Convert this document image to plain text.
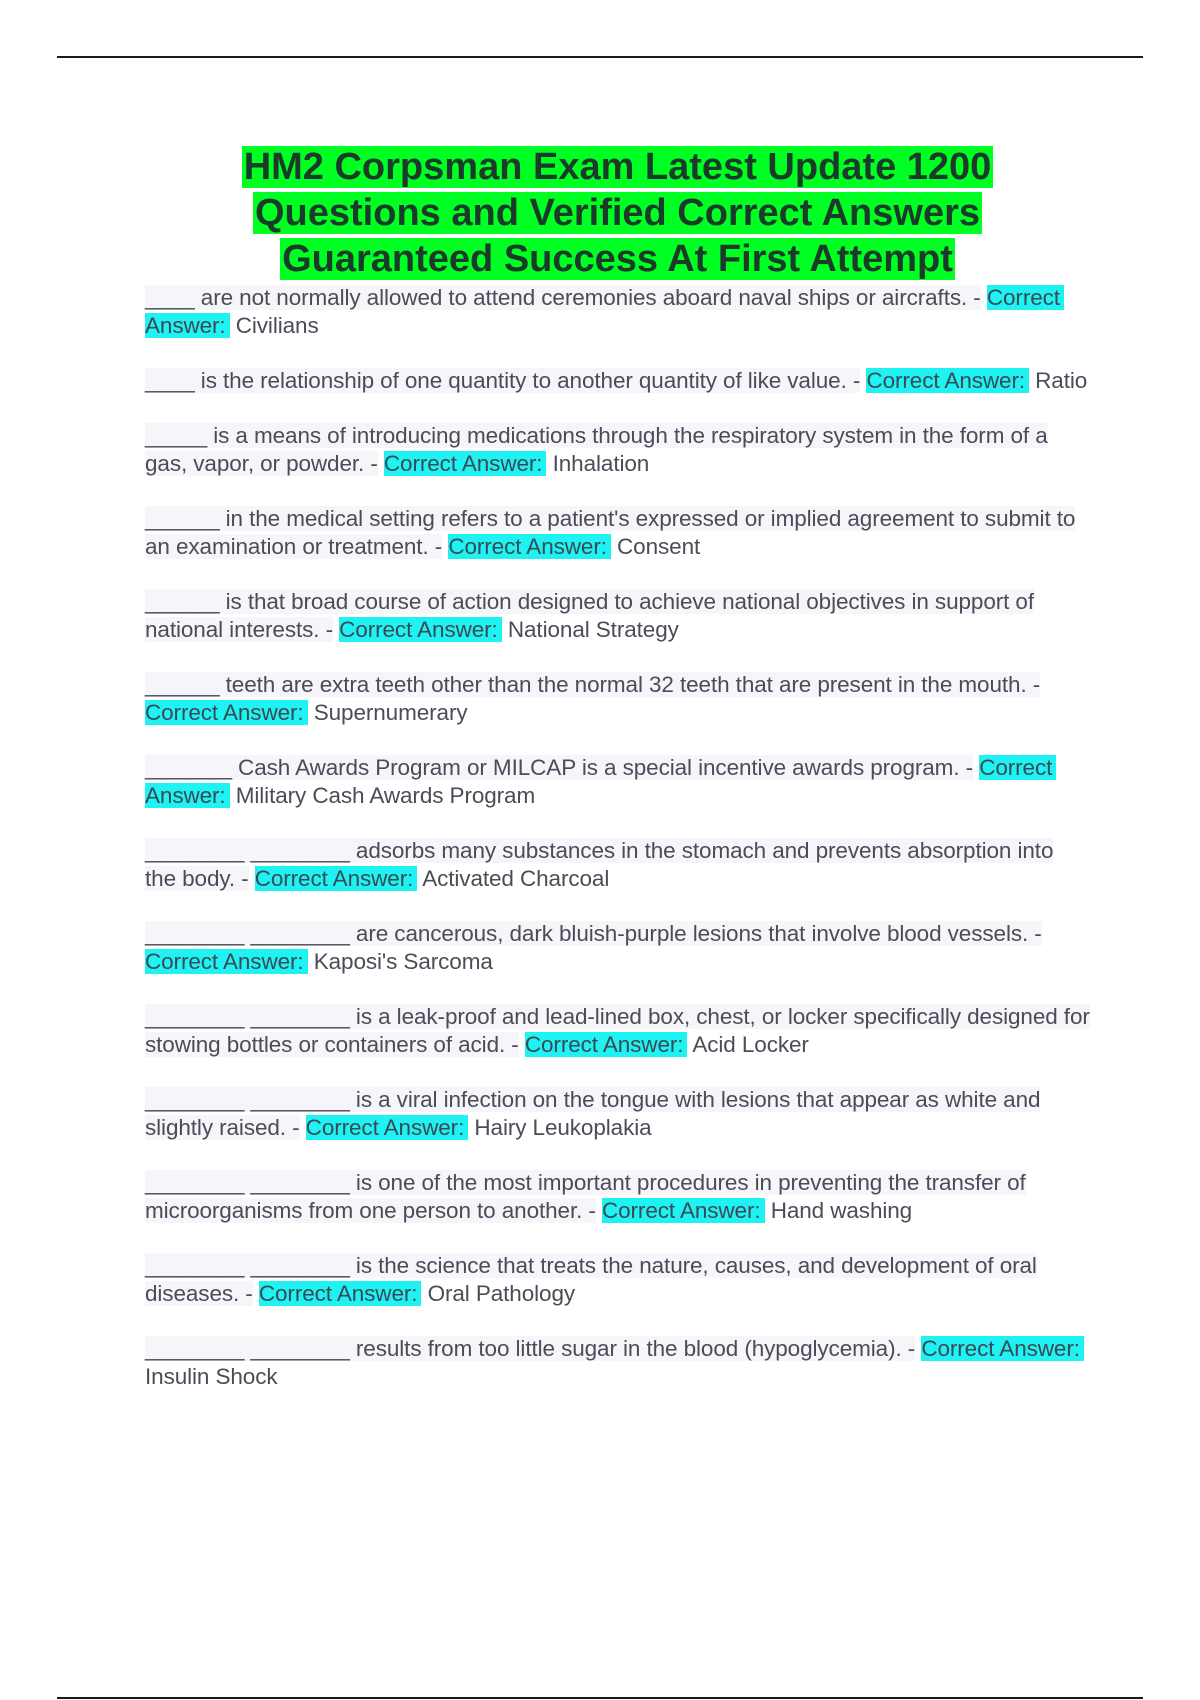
HM2 Corpsman Exam Latest Update 1200 Questions and Verified Correct Answers Guaranteed Success At First Attempt
____ are not normally allowed to attend ceremonies aboard naval ships or aircrafts. - Correct Answer: Civilians
____ is the relationship of one quantity to another quantity of like value. - Correct Answer: Ratio
_____ is a means of introducing medications through the respiratory system in the form of a gas, vapor, or powder. - Correct Answer: Inhalation
______ in the medical setting refers to a patient's expressed or implied agreement to submit to an examination or treatment. - Correct Answer: Consent
______ is that broad course of action designed to achieve national objectives in support of national interests. - Correct Answer: National Strategy
______ teeth are extra teeth other than the normal 32 teeth that are present in the mouth. - Correct Answer: Supernumerary
_______ Cash Awards Program or MILCAP is a special incentive awards program. - Correct Answer: Military Cash Awards Program
________ ________ adsorbs many substances in the stomach and prevents absorption into the body. - Correct Answer: Activated Charcoal
________ ________ are cancerous, dark bluish-purple lesions that involve blood vessels. - Correct Answer: Kaposi's Sarcoma
________ ________ is a leak-proof and lead-lined box, chest, or locker specifically designed for stowing bottles or containers of acid. - Correct Answer: Acid Locker
________ ________ is a viral infection on the tongue with lesions that appear as white and slightly raised. - Correct Answer: Hairy Leukoplakia
________ ________ is one of the most important procedures in preventing the transfer of microorganisms from one person to another. - Correct Answer: Hand washing
________ ________ is the science that treats the nature, causes, and development of oral diseases. - Correct Answer: Oral Pathology
________ ________ results from too little sugar in the blood (hypoglycemia). - Correct Answer: Insulin Shock
